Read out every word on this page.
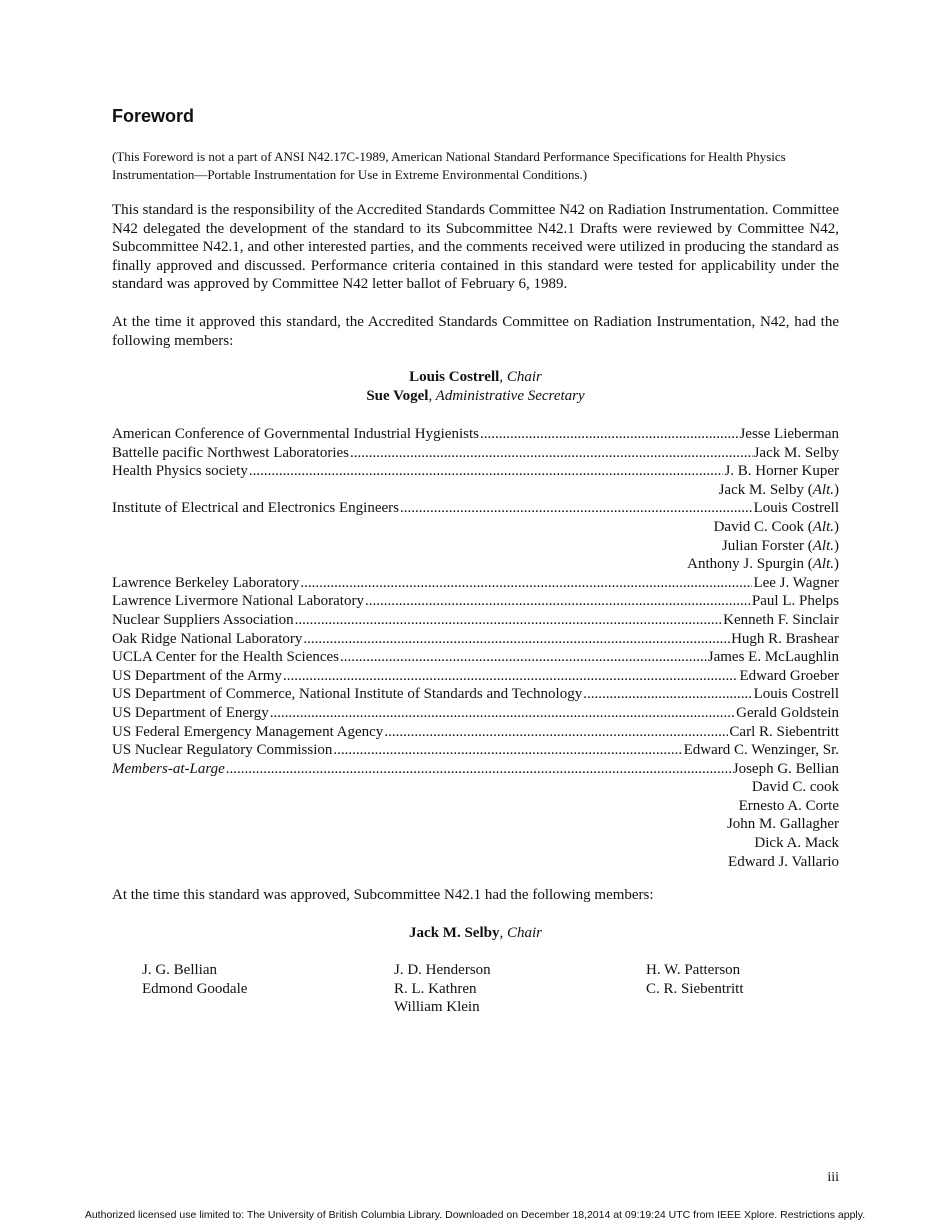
Foreword
(This Foreword is not a part of ANSI N42.17C-1989, American National Standard Performance Specifications for Health Physics Instrumentation—Portable Instrumentation for Use in Extreme Environmental Conditions.)

This standard is the responsibility of the Accredited Standards Committee N42 on Radiation Instrumentation. Committee N42 delegated the development of the standard to its Subcommittee N42.1 Drafts were reviewed by Committee N42, Subcommittee N42.1, and other interested parties, and the comments received were utilized in producing the standard as finally approved and discussed. Performance criteria contained in this standard were tested for applicability under the standard was approved by Committee N42 letter ballot of February 6, 1989.

At the time it approved this standard, the Accredited Standards Committee on Radiation Instrumentation, N42, had the following members:

Louis Costrell, Chair
Sue Vogel, Administrative Secretary
American Conference of Governmental Industrial Hygienists .....	Jesse Lieberman
Battelle pacific Northwest Laboratories .....	Jack M. Selby
Health Physics society .....	J. B. Horner Kuper
Jack M. Selby (Alt.)
Institute of Electrical and Electronics Engineers .....	Louis Costrell
David C. Cook (Alt.)
Julian Forster (Alt.)
Anthony J. Spurgin (Alt.)
Lawrence Berkeley Laboratory .....	Lee J. Wagner
Lawrence Livermore National Laboratory .....	Paul L. Phelps
Nuclear Suppliers Association .....	Kenneth F. Sinclair
Oak Ridge National Laboratory .....	Hugh R. Brashear
UCLA Center for the Health Sciences .....	James E. McLaughlin
US Department of the Army .....	Edward Groeber
US Department of Commerce, National Institute of Standards and Technology .....	Louis Costrell
US Department of Energy .....	Gerald Goldstein
US Federal Emergency Management Agency .....	Carl R. Siebentritt
US Nuclear Regulatory Commission .....	Edward C. Wenzinger, Sr.
Members-at-Large .....	Joseph G. Bellian
David C. cook
Ernesto A. Corte
John M. Gallagher
Dick A. Mack
Edward J. Vallario

At the time this standard was approved, Subcommittee N42.1 had the following members:

Jack M. Selby, Chair
J. G. Bellian
Edmond Goodale
J. D. Henderson
R. L. Kathren
William Klein
H. W. Patterson
C. R. Siebentritt
iii
Authorized licensed use limited to: The University of British Columbia Library. Downloaded on December 18,2014 at 09:19:24 UTC from IEEE Xplore. Restrictions apply.
